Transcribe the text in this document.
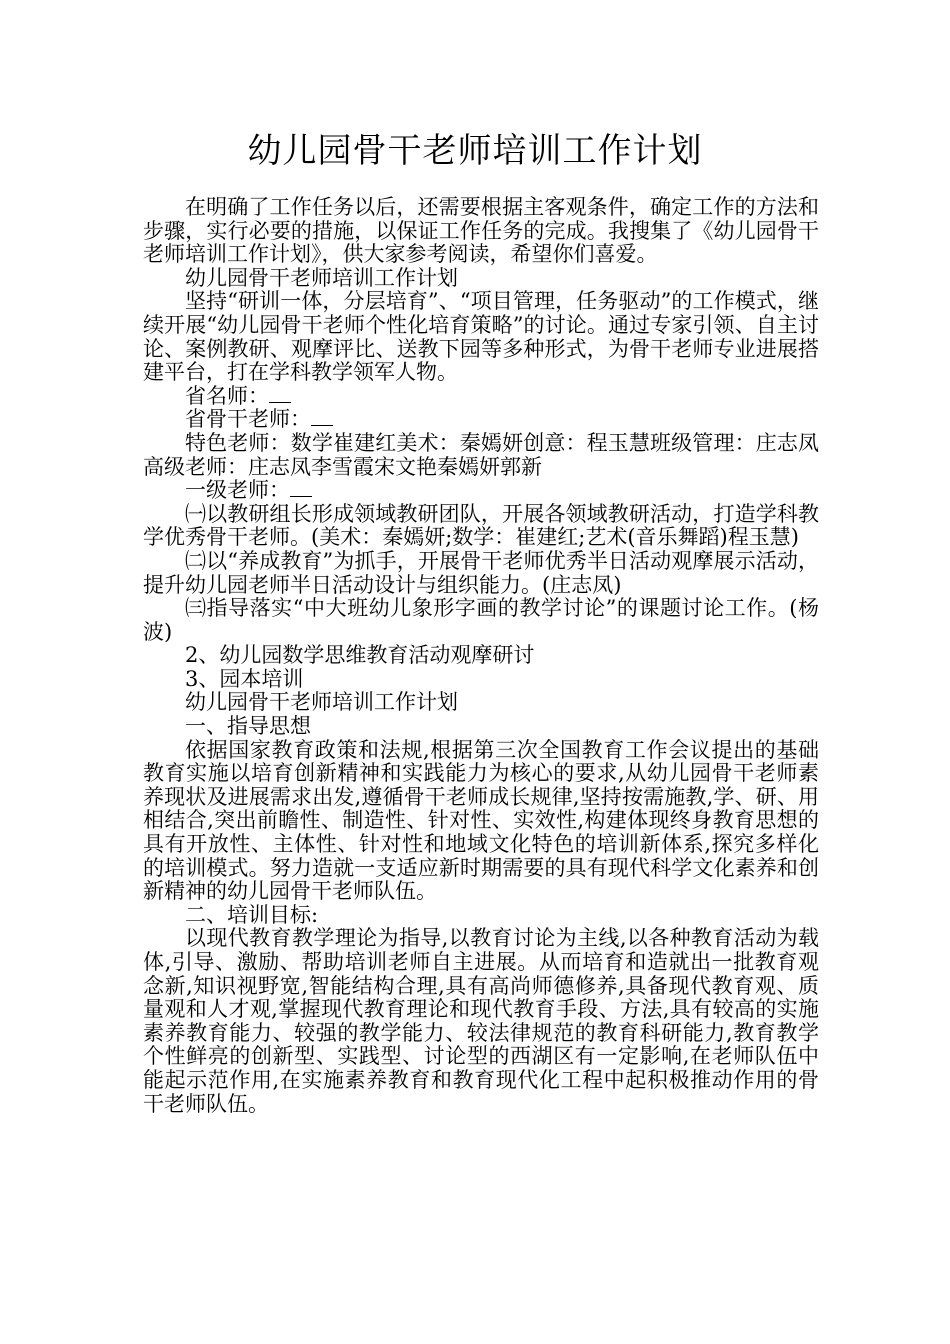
幼儿园骨干老师培训工作计划

在明确了工作任务以后，还需要根据主客观条件，确定工作的方法和步骤，实行必要的措施，以保证工作任务的完成。我搜集了《幼儿园骨干老师培训工作计划》，供大家参考阅读，希望你们喜爱。

幼儿园骨干老师培训工作计划

坚持“研训一体，分层培育”、“项目管理，任务驱动”的工作模式，继续开展“幼儿园骨干老师个性化培育策略”的讨论。通过专家引领、自主讨论、案例教研、观摩评比、送教下园等多种形式，为骨干老师专业进展搭建平台，打在学科教学领军人物。

省名师：

省骨干老师：

特色老师：数学崔建红美术：秦嫣妍创意：程玉慧班级管理：庄志凤高级老师：庄志凤李雪霞宋文艳秦嫣妍郭新

一级老师：

㈠以教研组长形成领域教研团队，开展各领域教研活动，打造学科教学优秀骨干老师。(美术：秦嫣妍;数学：崔建红;艺术(音乐舞蹈)程玉慧)

㈡以“养成教育”为抓手，开展骨干老师优秀半日活动观摩展示活动，提升幼儿园老师半日活动设计与组织能力。(庄志凤)

㈢指导落实“中大班幼儿象形字画的教学讨论”的课题讨论工作。(杨波)

2、幼儿园数学思维教育活动观摩研讨

3、园本培训

幼儿园骨干老师培训工作计划

一、指导思想

依据国家教育政策和法规,根据第三次全国教育工作会议提出的基础教育实施以培育创新精神和实践能力为核心的要求,从幼儿园骨干老师素养现状及进展需求出发,遵循骨干老师成长规律,坚持按需施教,学、研、用相结合,突出前瞻性、制造性、针对性、实效性,构建体现终身教育思想的具有开放性、主体性、针对性和地域文化特色的培训新体系,探究多样化的培训模式。努力造就一支适应新时期需要的具有现代科学文化素养和创新精神的幼儿园骨干老师队伍。

二、培训目标:

以现代教育教学理论为指导,以教育讨论为主线,以各种教育活动为载体,引导、激励、帮助培训老师自主进展。从而培育和造就出一批教育观念新,知识视野宽,智能结构合理,具有高尚师德修养,具备现代教育观、质量观和人才观,掌握现代教育理论和现代教育手段、方法,具有较高的实施素养教育能力、较强的教学能力、较法律规范的教育科研能力,教育教学个性鲜亮的创新型、实践型、讨论型的西湖区有一定影响,在老师队伍中能起示范作用,在实施素养教育和教育现代化工程中起积极推动作用的骨干老师队伍。
